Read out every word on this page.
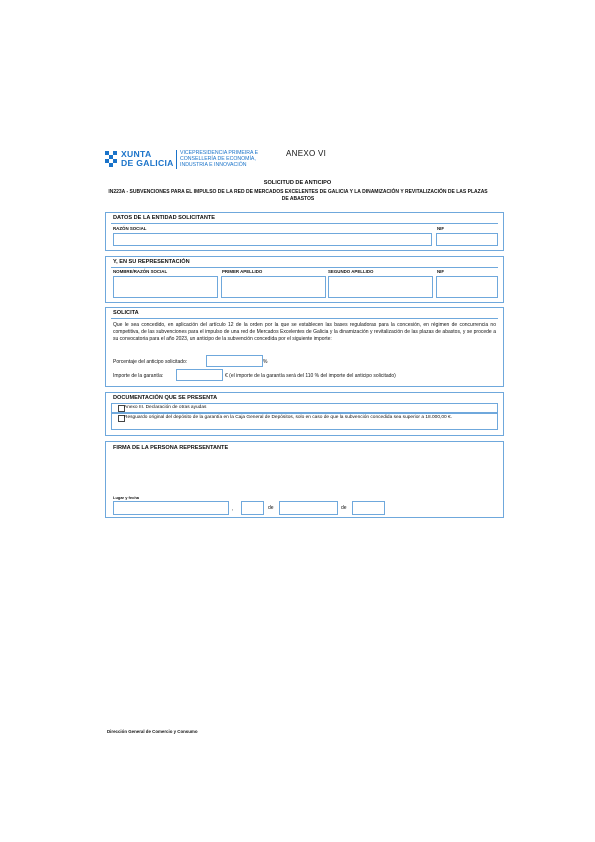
XUNTA
DE GALICIA
VICEPRESIDENCIA PRIMEIRA E
CONSELLERÍA DE ECONOMÍA,
INDUSTRIA E INNOVACIÓN
ANEXO VI
SOLICITUD DE ANTICIPO
IN223A - SUBVENCIONES PARA EL IMPULSO DE LA RED DE MERCADOS EXCELENTES DE GALICIA Y LA DINAMIZACIÓN Y REVITALIZACIÓN DE LAS PLAZAS DE ABASTOS
DATOS DE LA ENTIDAD SOLICITANTE
RAZÓN SOCIAL	NIF
Y, EN SU REPRESENTACIÓN
NOMBRE/RAZÓN SOCIAL	PRIMER APELLIDO	SEGUNDO APELLIDO	NIF
SOLICITA
Que le sea concedido, en aplicación del artículo 12 de la orden por la que se establecen las bases reguladoras para la concesión, en régimen de concurrencia no competitiva, de las subvenciones para el impulso de una red de Mercados Excelentes de Galicia y la dinamización y revitalización de las plazas de abastos, y se procede a su convocatoria para el año 2023, un anticipo de la subvención concedida por el siguiente importe:
Porcentaje del anticipo solicitado:	%
Importe de la garantía:	€ (el importe de la garantía será del 110 % del importe del anticipo solicitado)
DOCUMENTACIÓN QUE SE PRESENTA
Anexo III. Declaración de otras ayudas
Resguardo original del depósito de la garantía en la Caja General de Depósitos, solo en caso de que la subvención concedida sea superior a 18.000,00 €.
FIRMA DE LA PERSONA REPRESENTANTE
Lugar y fecha
,	de	de
Dirección General de Comercio y Consumo
